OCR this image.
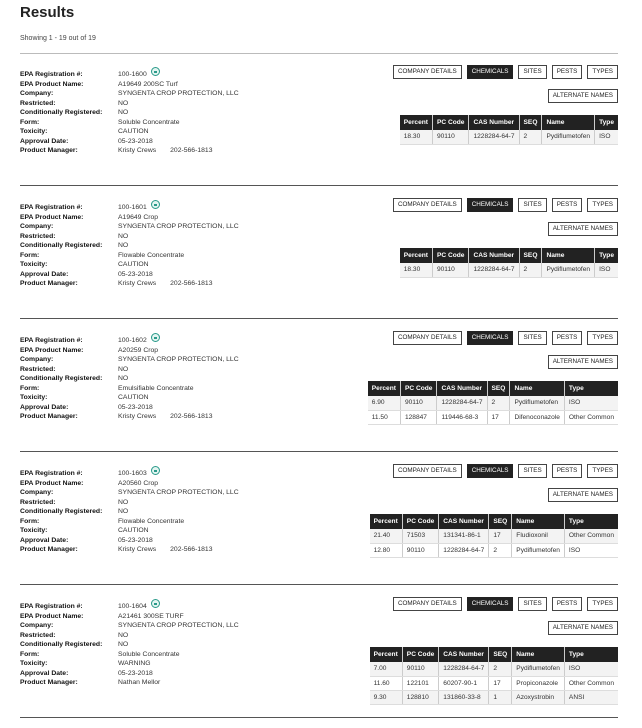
Results
Showing 1 - 19 out of 19
EPA Registration #:	100-1600
EPA Product Name:	A19649 200SC Turf
Company:	SYNGENTA CROP PROTECTION, LLC
Restricted:	NO
Conditionally Registered:	NO
Form:	Soluble Concentrate
Toxicity:	CAUTION
Approval Date:	05-23-2018
Product Manager:	Kristy Crews 202-566-1813
COMPANY DETAILS	CHEMICALS	SITES	PESTS	TYPES
ALTERNATE NAMES
Percent	PC Code	CAS Number	SEQ	Name	Type
18.30	90110	1228284-64-7	2	Pydiflumetofen	ISO
EPA Registration #:	100-1601
EPA Product Name:	A19649 Crop
Company:	SYNGENTA CROP PROTECTION, LLC
Restricted:	NO
Conditionally Registered:	NO
Form:	Flowable Concentrate
Toxicity:	CAUTION
Approval Date:	05-23-2018
Product Manager:	Kristy Crews 202-566-1813
COMPANY DETAILS	CHEMICALS	SITES	PESTS	TYPES
ALTERNATE NAMES
Percent	PC Code	CAS Number	SEQ	Name	Type
18.30	90110	1228284-64-7	2	Pydiflumetofen	ISO
EPA Registration #:	100-1602
EPA Product Name:	A20259 Crop
Company:	SYNGENTA CROP PROTECTION, LLC
Restricted:	NO
Conditionally Registered:	NO
Form:	Emulsifiable Concentrate
Toxicity:	CAUTION
Approval Date:	05-23-2018
Product Manager:	Kristy Crews 202-566-1813
COMPANY DETAILS	CHEMICALS	SITES	PESTS	TYPES
ALTERNATE NAMES
Percent	PC Code	CAS Number	SEQ	Name	Type
6.90	90110	1228284-64-7	2	Pydiflumetofen	ISO
11.50	128847	119446-68-3	17	Difenoconazole	Other Common
EPA Registration #:	100-1603
EPA Product Name:	A20560 Crop
Company:	SYNGENTA CROP PROTECTION, LLC
Restricted:	NO
Conditionally Registered:	NO
Form:	Flowable Concentrate
Toxicity:	CAUTION
Approval Date:	05-23-2018
Product Manager:	Kristy Crews 202-566-1813
COMPANY DETAILS	CHEMICALS	SITES	PESTS	TYPES
ALTERNATE NAMES
Percent	PC Code	CAS Number	SEQ	Name	Type
21.40	71503	131341-86-1	17	Fludioxonil	Other Common
12.80	90110	1228284-64-7	2	Pydiflumetofen	ISO
EPA Registration #:	100-1604
EPA Product Name:	A21461 300SE TURF
Company:	SYNGENTA CROP PROTECTION, LLC
Restricted:	NO
Conditionally Registered:	NO
Form:	Soluble Concentrate
Toxicity:	WARNING
Approval Date:	05-23-2018
Product Manager:	Nathan Mellor
COMPANY DETAILS	CHEMICALS	SITES	PESTS	TYPES
ALTERNATE NAMES
Percent	PC Code	CAS Number	SEQ	Name	Type
7.00	90110	1228284-64-7	2	Pydiflumetofen	ISO
11.60	122101	60207-90-1	17	Propiconazole	Other Common
9.30	128810	131860-33-8	1	Azoxystrobin	ANSI
